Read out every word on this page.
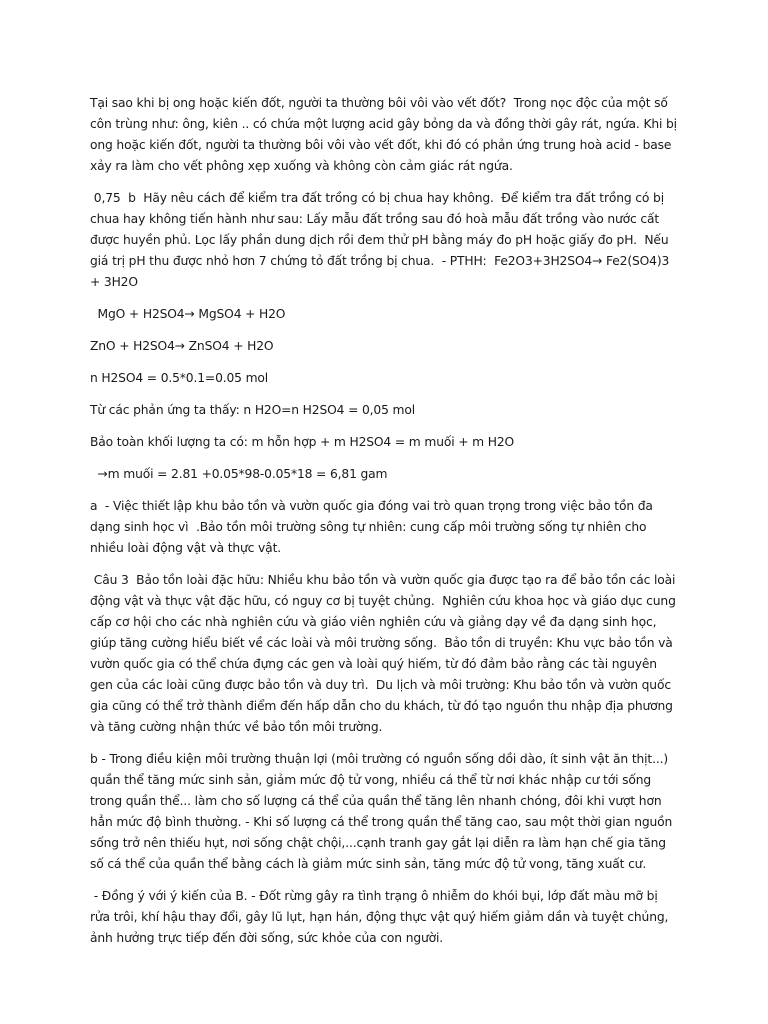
Tại sao khi bị ong hoặc kiến đốt, người ta thường bôi vôi vào vết đốt?  Trong nọc độc của một số côn trùng như: ông, kiên .. có chứa một lượng acid gây bỏng da và đồng thời gây rát, ngứa. Khi bị ong hoặc kiến đốt, người ta thường bôi vôi vào vết đốt, khi đó có phản ứng trung hoà acid - base xảy ra làm cho vết phông xẹp xuống và không còn cảm giác rát ngứa.

0,75  b  Hãy nêu cách để kiểm tra đất trồng có bị chua hay không.  Để kiểm tra đất trồng có bị chua hay không tiến hành như sau: Lấy mẫu đất trồng sau đó hoà mẫu đất trồng vào nước cất được huyền phủ. Lọc lấy phần dung dịch rồi đem thử pH bằng máy đo pH hoặc giấy đo pH.  Nếu giá trị pH thu được nhỏ hơn 7 chứng tỏ đất trồng bị chua.  - PTHH:  Fe2O3+3H2SO4→ Fe2(SO4)3 + 3H2O

MgO + H2SO4→ MgSO4 + H2O

ZnO + H2SO4→ ZnSO4 + H2O

n H2SO4 = 0.5*0.1=0.05 mol

Từ các phản ứng ta thấy: n H2O=n H2SO4 = 0,05 mol

Bảo toàn khối lượng ta có: m hỗn hợp + m H2SO4 = m muối + m H2O

→m muối = 2.81 +0.05*98-0.05*18 = 6,81 gam

a  - Việc thiết lập khu bảo tồn và vườn quốc gia đóng vai trò quan trọng trong việc bảo tồn đa dạng sinh học vì  .Bảo tồn môi trường sông tự nhiên: cung cấp môi trường sống tự nhiên cho nhiều loài động vật và thực vật.

Câu 3  Bảo tồn loài đặc hữu: Nhiều khu bảo tồn và vườn quốc gia được tạo ra để bảo tồn các loài động vật và thực vật đặc hữu, có nguy cơ bị tuyệt chủng.  Nghiên cứu khoa học và giáo dục cung cấp cơ hội cho các nhà nghiên cứu và giáo viên nghiên cứu và giảng dạy về đa dạng sinh học, giúp tăng cường hiểu biết về các loài và môi trường sống.  Bảo tồn di truyền: Khu vực bảo tồn và vườn quốc gia có thể chứa đựng các gen và loài quý hiếm, từ đó đảm bảo rằng các tài nguyên gen của các loài cũng được bảo tồn và duy trì.  Du lịch và môi trường: Khu bảo tồn và vườn quốc gia cũng có thể trở thành điểm đến hấp dẫn cho du khách, từ đó tạo nguồn thu nhập địa phương và tăng cường nhận thức về bảo tồn môi trường.

b - Trong điều kiện môi trường thuận lợi (môi trường có nguồn sống dồi dào, ít sinh vật ăn thịt...) quần thể tăng mức sinh sản, giảm mức độ tử vong, nhiều cá thể từ nơi khác nhập cư tới sống trong quần thể... làm cho số lượng cá thể của quần thể tăng lên nhanh chóng, đôi khi vượt hơn hẳn mức độ bình thường. - Khi số lượng cá thể trong quần thể tăng cao, sau một thời gian nguồn sống trở nên thiếu hụt, nơi sống chật chội,...cạnh tranh gay gắt lại diễn ra làm hạn chế gia tăng số cá thể của quần thể bằng cách là giảm mức sinh sản, tăng mức độ tử vong, tăng xuất cư.

- Đồng ý với ý kiến của B. - Đốt rừng gây ra tình trạng ô nhiễm do khói bụi, lớp đất màu mỡ bị rửa trôi, khí hậu thay đổi, gây lũ lụt, hạn hán, động thực vật quý hiếm giảm dần và tuyệt chủng, ảnh hưởng trực tiếp đến đời sống, sức khỏe của con người.
